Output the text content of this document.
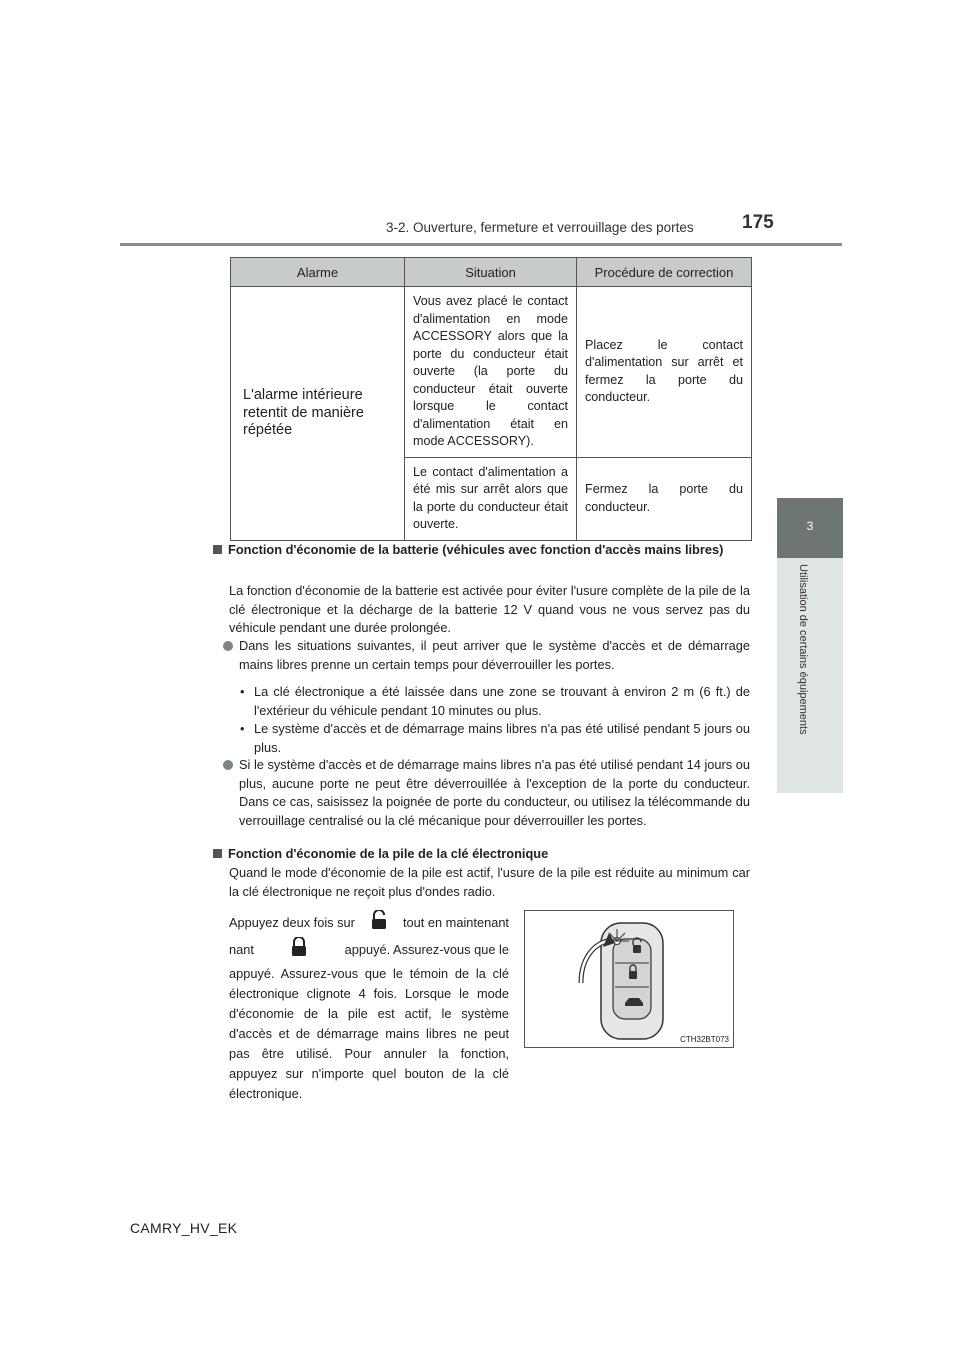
3-2. Ouverture, fermeture et verrouillage des portes	175
3
Utilisation de certains équipements
Alarme	Situation	Procédure de correction
L'alarme intérieure retentit de manière répétée	Vous avez placé le contact d'alimentation en mode ACCESSORY alors que la porte du conducteur était ouverte (la porte du conducteur était ouverte lorsque le contact d'alimentation était en mode ACCESSORY).	Placez le contact d'alimentation sur arrêt et fermez la porte du conducteur.
	Le contact d'alimentation a été mis sur arrêt alors que la porte du conducteur était ouverte.	Fermez la porte du conducteur.
Fonction d'économie de la batterie (véhicules avec fonction d'accès mains libres)
La fonction d'économie de la batterie est activée pour éviter l'usure complète de la pile de la clé électronique et la décharge de la batterie 12 V quand vous ne vous servez pas du véhicule pendant une durée prolongée.
Dans les situations suivantes, il peut arriver que le système d'accès et de démarrage mains libres prenne un certain temps pour déverrouiller les portes.
• La clé électronique a été laissée dans une zone se trouvant à environ 2 m (6 ft.) de l'extérieur du véhicule pendant 10 minutes ou plus.
• Le système d'accès et de démarrage mains libres n'a pas été utilisé pendant 5 jours ou plus.
Si le système d'accès et de démarrage mains libres n'a pas été utilisé pendant 14 jours ou plus, aucune porte ne peut être déverrouillée à l'exception de la porte du conducteur. Dans ce cas, saisissez la poignée de porte du conducteur, ou utilisez la télécommande du verrouillage centralisé ou la clé mécanique pour déverrouiller les portes.
Fonction d'économie de la pile de la clé électronique
Quand le mode d'économie de la pile est actif, l'usure de la pile est réduite au minimum car la clé électronique ne reçoit plus d'ondes radio.
Appuyez deux fois sur	tout en maintenant
nant	appuyé. Assurez-vous que le
appuyé. Assurez-vous que le témoin de la clé électronique clignote 4 fois. Lorsque le mode d'économie de la pile est actif, le système d'accès et de démarrage mains libres ne peut pas être utilisé. Pour annuler la fonction, appuyez sur n'importe quel bouton de la clé électronique.
CTH32BT073
CAMRY_HV_EK
